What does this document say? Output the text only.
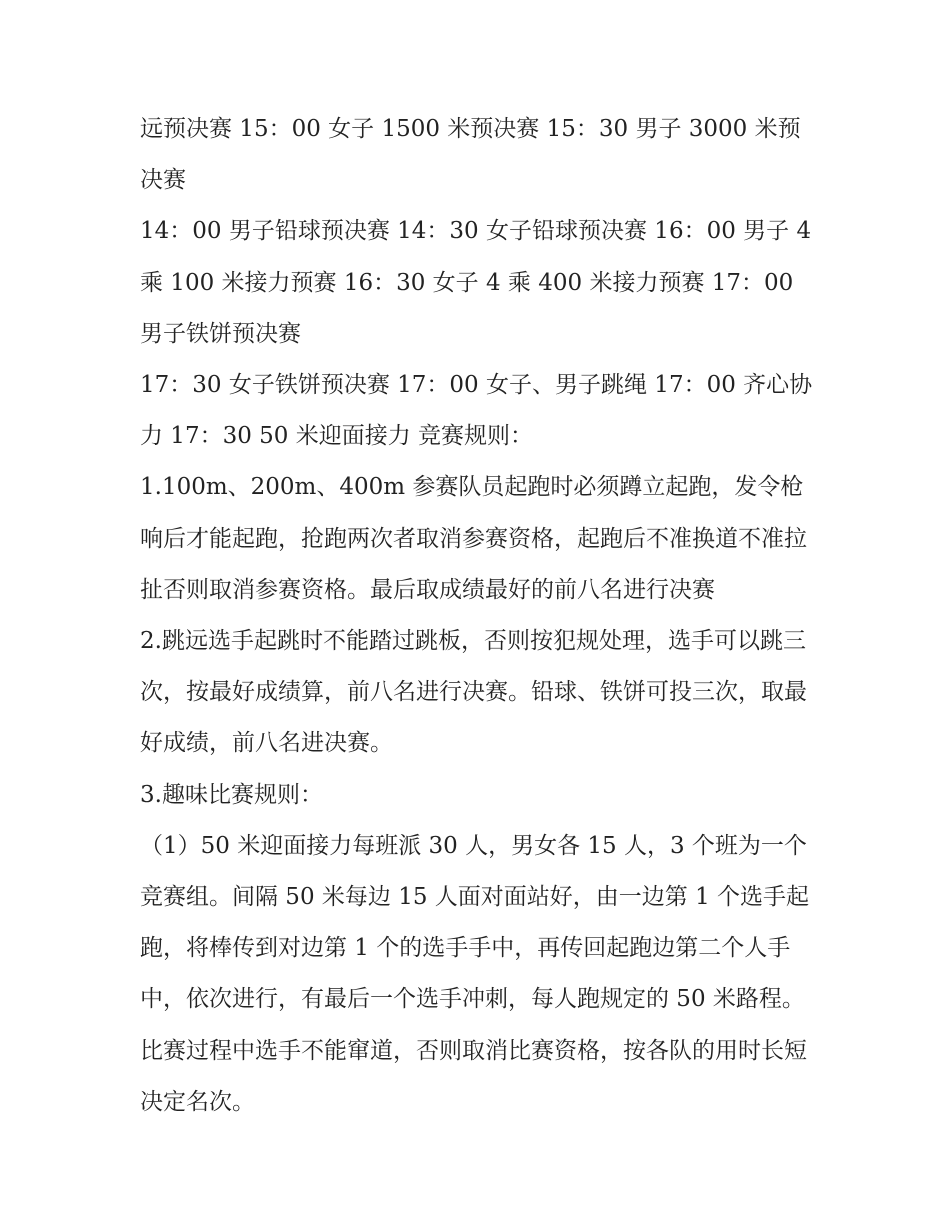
远预决赛 15：00 女子 1500 米预决赛 15：30 男子 3000 米预决赛

14：00 男子铅球预决赛 14：30 女子铅球预决赛 16：00 男子 4 乘 100 米接力预赛 16：30 女子 4 乘 400 米接力预赛 17：00 男子铁饼预决赛

17：30 女子铁饼预决赛 17：00 女子、男子跳绳 17：00 齐心协力 17：30 50 米迎面接力 竞赛规则：

1.100m、200m、400m 参赛队员起跑时必须蹲立起跑，发令枪响后才能起跑，抢跑两次者取消参赛资格，起跑后不准换道不准拉扯否则取消参赛资格。最后取成绩最好的前八名进行决赛

2.跳远选手起跳时不能踏过跳板，否则按犯规处理，选手可以跳三次，按最好成绩算，前八名进行决赛。铅球、铁饼可投三次，取最好成绩，前八名进决赛。

3.趣味比赛规则：

（1）50 米迎面接力每班派 30 人，男女各 15 人，3 个班为一个竞赛组。间隔 50 米每边 15 人面对面站好，由一边第 1 个选手起跑，将棒传到对边第 1 个的选手手中，再传回起跑边第二个人手中，依次进行，有最后一个选手冲刺，每人跑规定的 50 米路程。比赛过程中选手不能窜道，否则取消比赛资格，按各队的用时长短决定名次。
